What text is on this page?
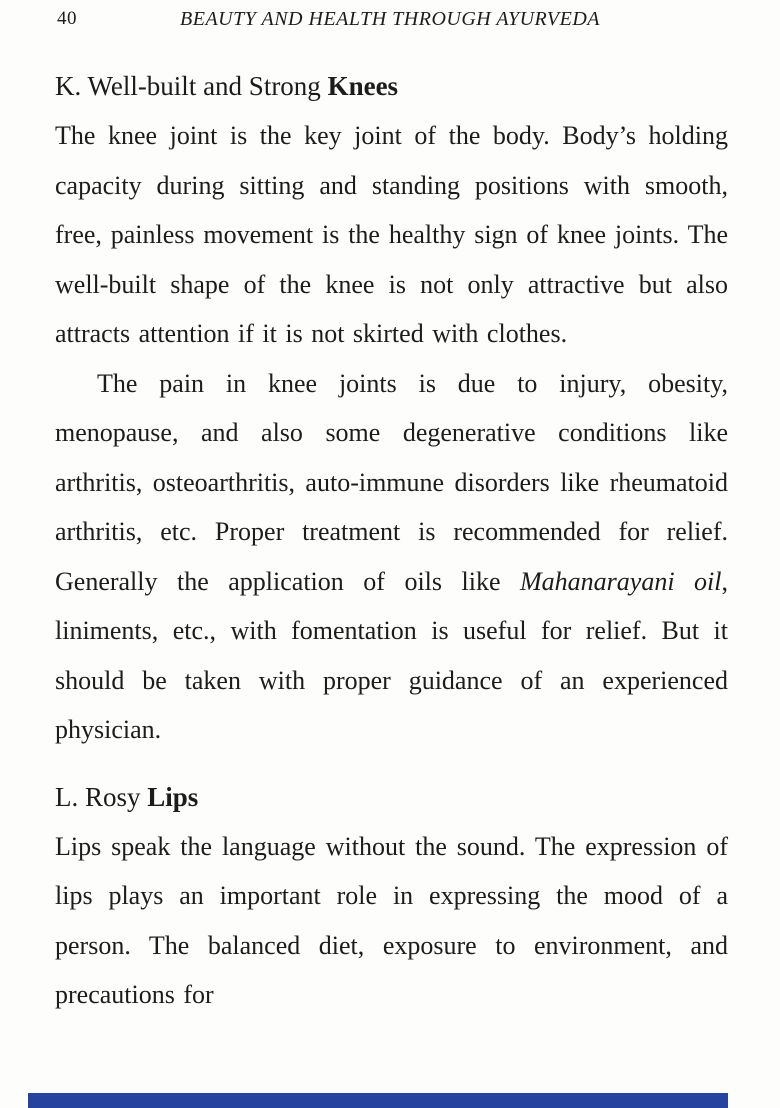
40	BEAUTY AND HEALTH THROUGH AYURVEDA
K. Well-built and Strong Knees

The knee joint is the key joint of the body. Body’s holding capacity during sitting and standing positions with smooth, free, painless movement is the healthy sign of knee joints. The well-built shape of the knee is not only attractive but also attracts attention if it is not skirted with clothes.

The pain in knee joints is due to injury, obesity, menopause, and also some degenerative conditions like arthritis, osteoarthritis, auto-immune disorders like rheumatoid arthritis, etc. Proper treatment is recommended for relief. Generally the application of oils like Mahanarayani oil, liniments, etc., with fomentation is useful for relief. But it should be taken with proper guidance of an experienced physician.

L. Rosy Lips

Lips speak the language without the sound. The expression of lips plays an important role in expressing the mood of a person. The balanced diet, exposure to environment, and precautions for
